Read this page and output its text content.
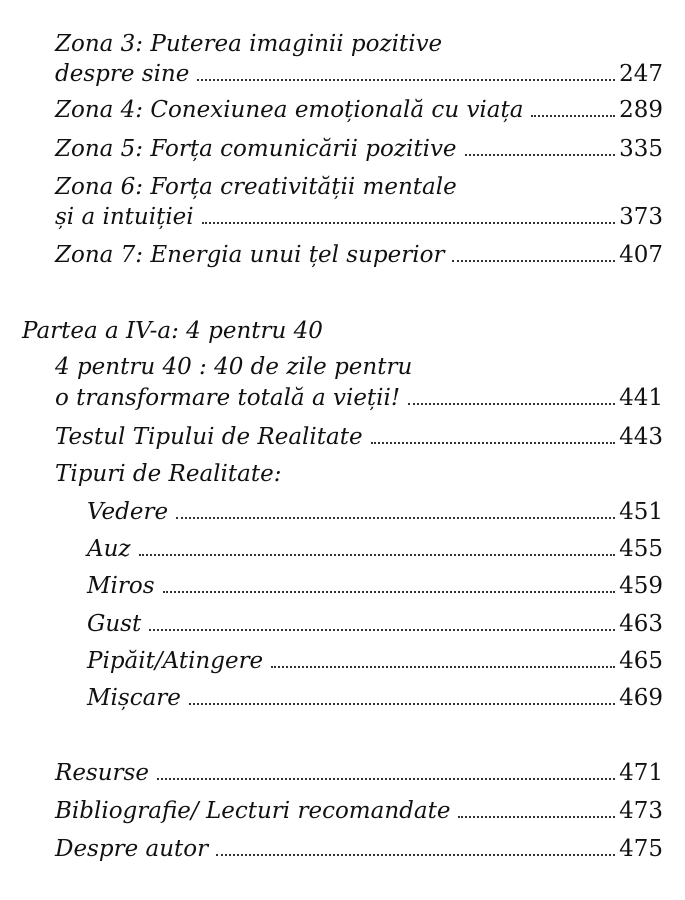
Zona 3: Puterea imaginii pozitive
despre sine	247
Zona 4: Conexiunea emoțională cu viața	289
Zona 5: Forța comunicării pozitive	335
Zona 6: Forța creativității mentale
și a intuiției	373
Zona 7: Energia unui țel superior	407
Partea a IV-a: 4 pentru 40
4 pentru 40 : 40 de zile pentru
o transformare totală a vieții!	441
Testul Tipului de Realitate	443
Tipuri de Realitate:
Vedere	451
Auz	455
Miros	459
Gust	463
Pipăit/Atingere	465
Mișcare	469
Resurse	471
Bibliografie/ Lecturi recomandate	473
Despre autor	475
